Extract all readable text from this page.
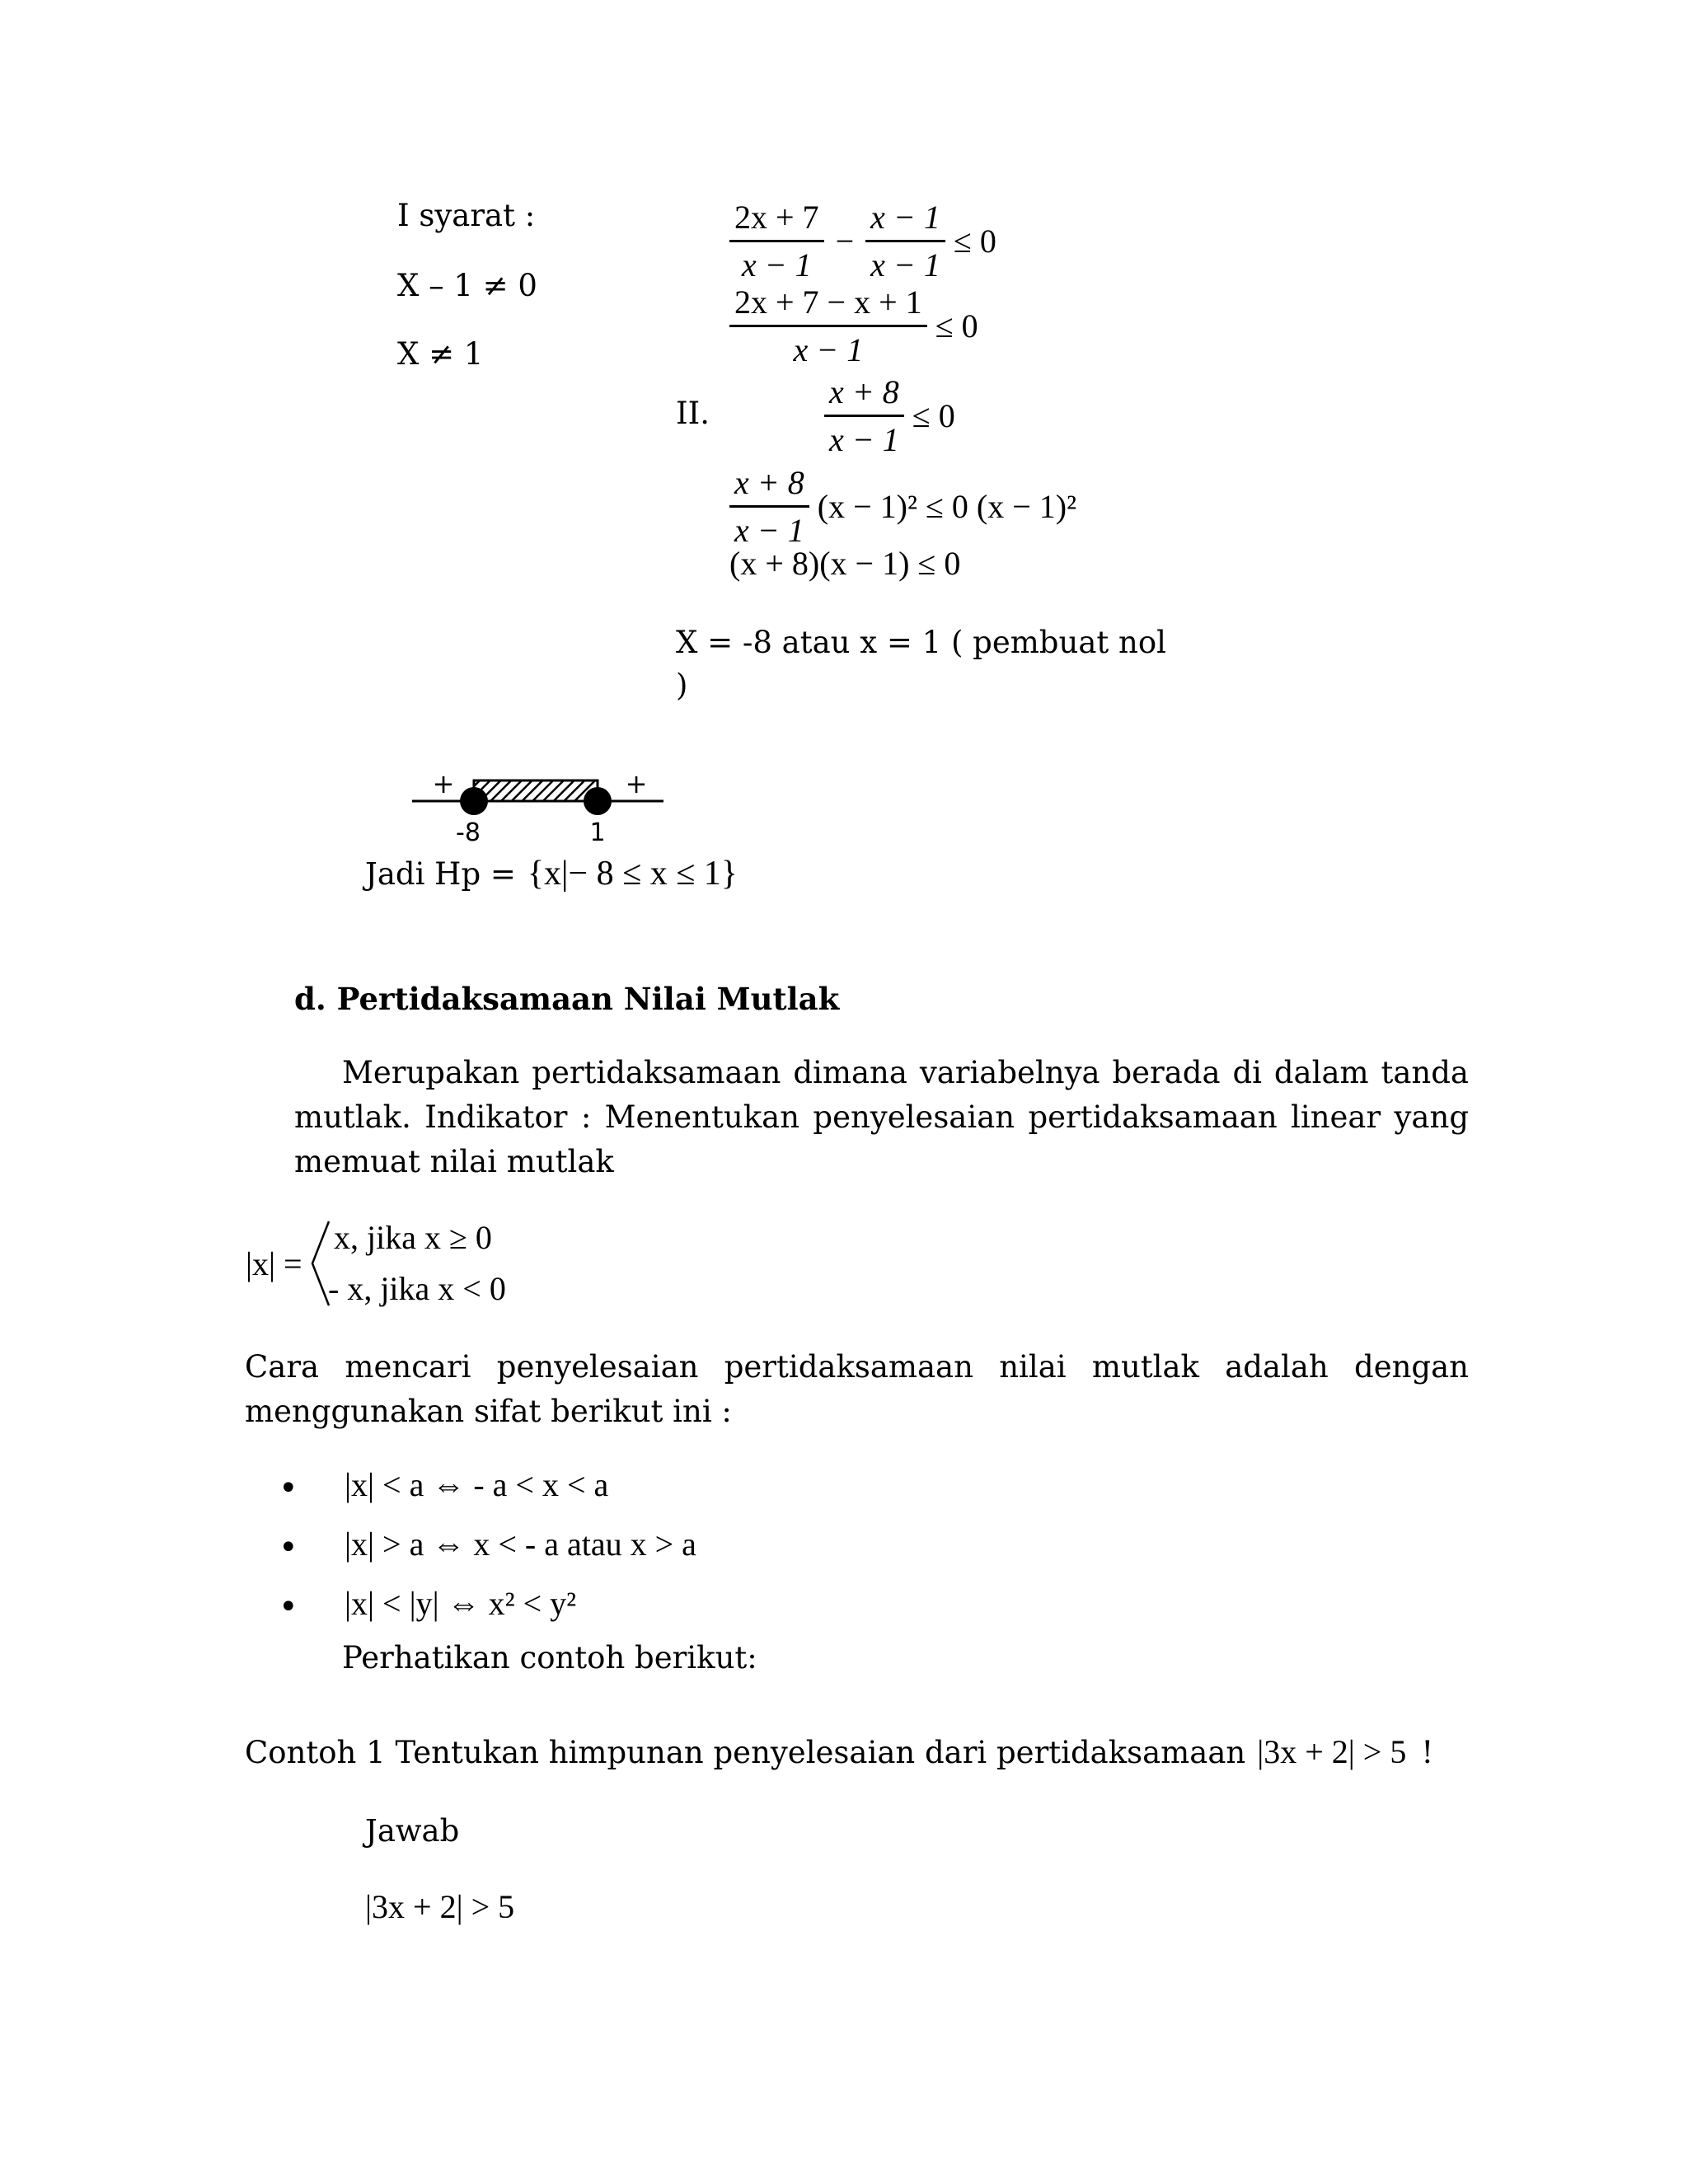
I syarat :
X – 1 ≠ 0
X ≠ 1
$\frac{2x + 7}{x - 1} - \frac{x - 1}{x - 1} \le 0$
$\frac{2x + 7 - x + 1}{x - 1} \le 0$
II.	$\frac{x + 8}{x - 1} \le 0$
$\frac{x + 8}{x - 1} (x - 1)^2 \le 0$ (x − 1)²
(x + 8)(x − 1) ≤ 0
X = -8 atau x = 1 ( pembuat nol
)
+	+
-8	1
Jadi Hp = {x|− 8 ≤ x ≤ 1}
d. Pertidaksamaan Nilai Mutlak
Merupakan pertidaksamaan dimana variabelnya berada di dalam tanda
mutlak. Indikator : Menentukan penyelesaian pertidaksamaan linear yang
memuat nilai mutlak
|x| =
x, jika x ≥ 0
- x, jika x < 0
Cara mencari penyelesaian pertidaksamaan nilai mutlak adalah dengan
menggunakan sifat berikut ini :
• |x| < a ⇔ - a < x < a
• |x| > a ⇔ x < - a atau x > a
• |x| < |y| ⇔ x² < y²
Perhatikan contoh berikut:
Contoh 1 Tentukan himpunan penyelesaian dari pertidaksamaan |3x + 2| > 5 !
Jawab
|3x + 2| > 5
